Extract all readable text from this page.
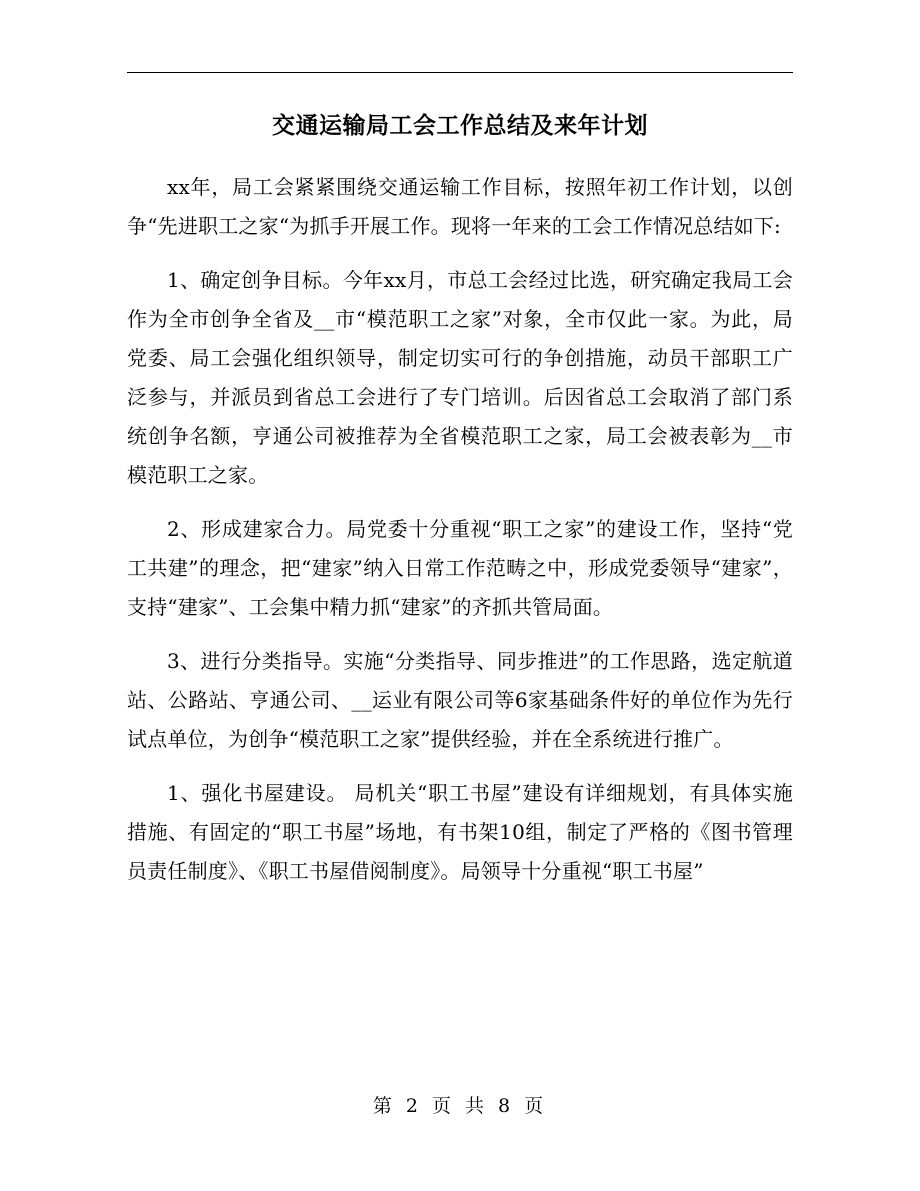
交通运输局工会工作总结及来年计划

xx年，局工会紧紧围绕交通运输工作目标，按照年初工作计划，以创争“先进职工之家“为抓手开展工作。现将一年来的工会工作情况总结如下:

1、确定创争目标。今年xx月，市总工会经过比选，研究确定我局工会作为全市创争全省及__市“模范职工之家”对象，全市仅此一家。为此，局党委、局工会强化组织领导，制定切实可行的争创措施，动员干部职工广泛参与，并派员到省总工会进行了专门培训。后因省总工会取消了部门系统创争名额，亨通公司被推荐为全省模范职工之家，局工会被表彰为__市模范职工之家。

2、形成建家合力。局党委十分重视“职工之家”的建设工作，坚持“党工共建”的理念，把“建家”纳入日常工作范畴之中，形成党委领导“建家”，支持“建家”、工会集中精力抓“建家”的齐抓共管局面。

3、进行分类指导。实施“分类指导、同步推进”的工作思路，选定航道站、公路站、亨通公司、__运业有限公司等6家基础条件好的单位作为先行试点单位，为创争“模范职工之家”提供经验，并在全系统进行推广。

1、强化书屋建设。 局机关“职工书屋”建设有详细规划，有具体实施措施、有固定的“职工书屋”场地，有书架10组，制定了严格的《图书管理员责任制度》、《职工书屋借阅制度》。局领导十分重视“职工书屋”

第 2 页 共 8 页
